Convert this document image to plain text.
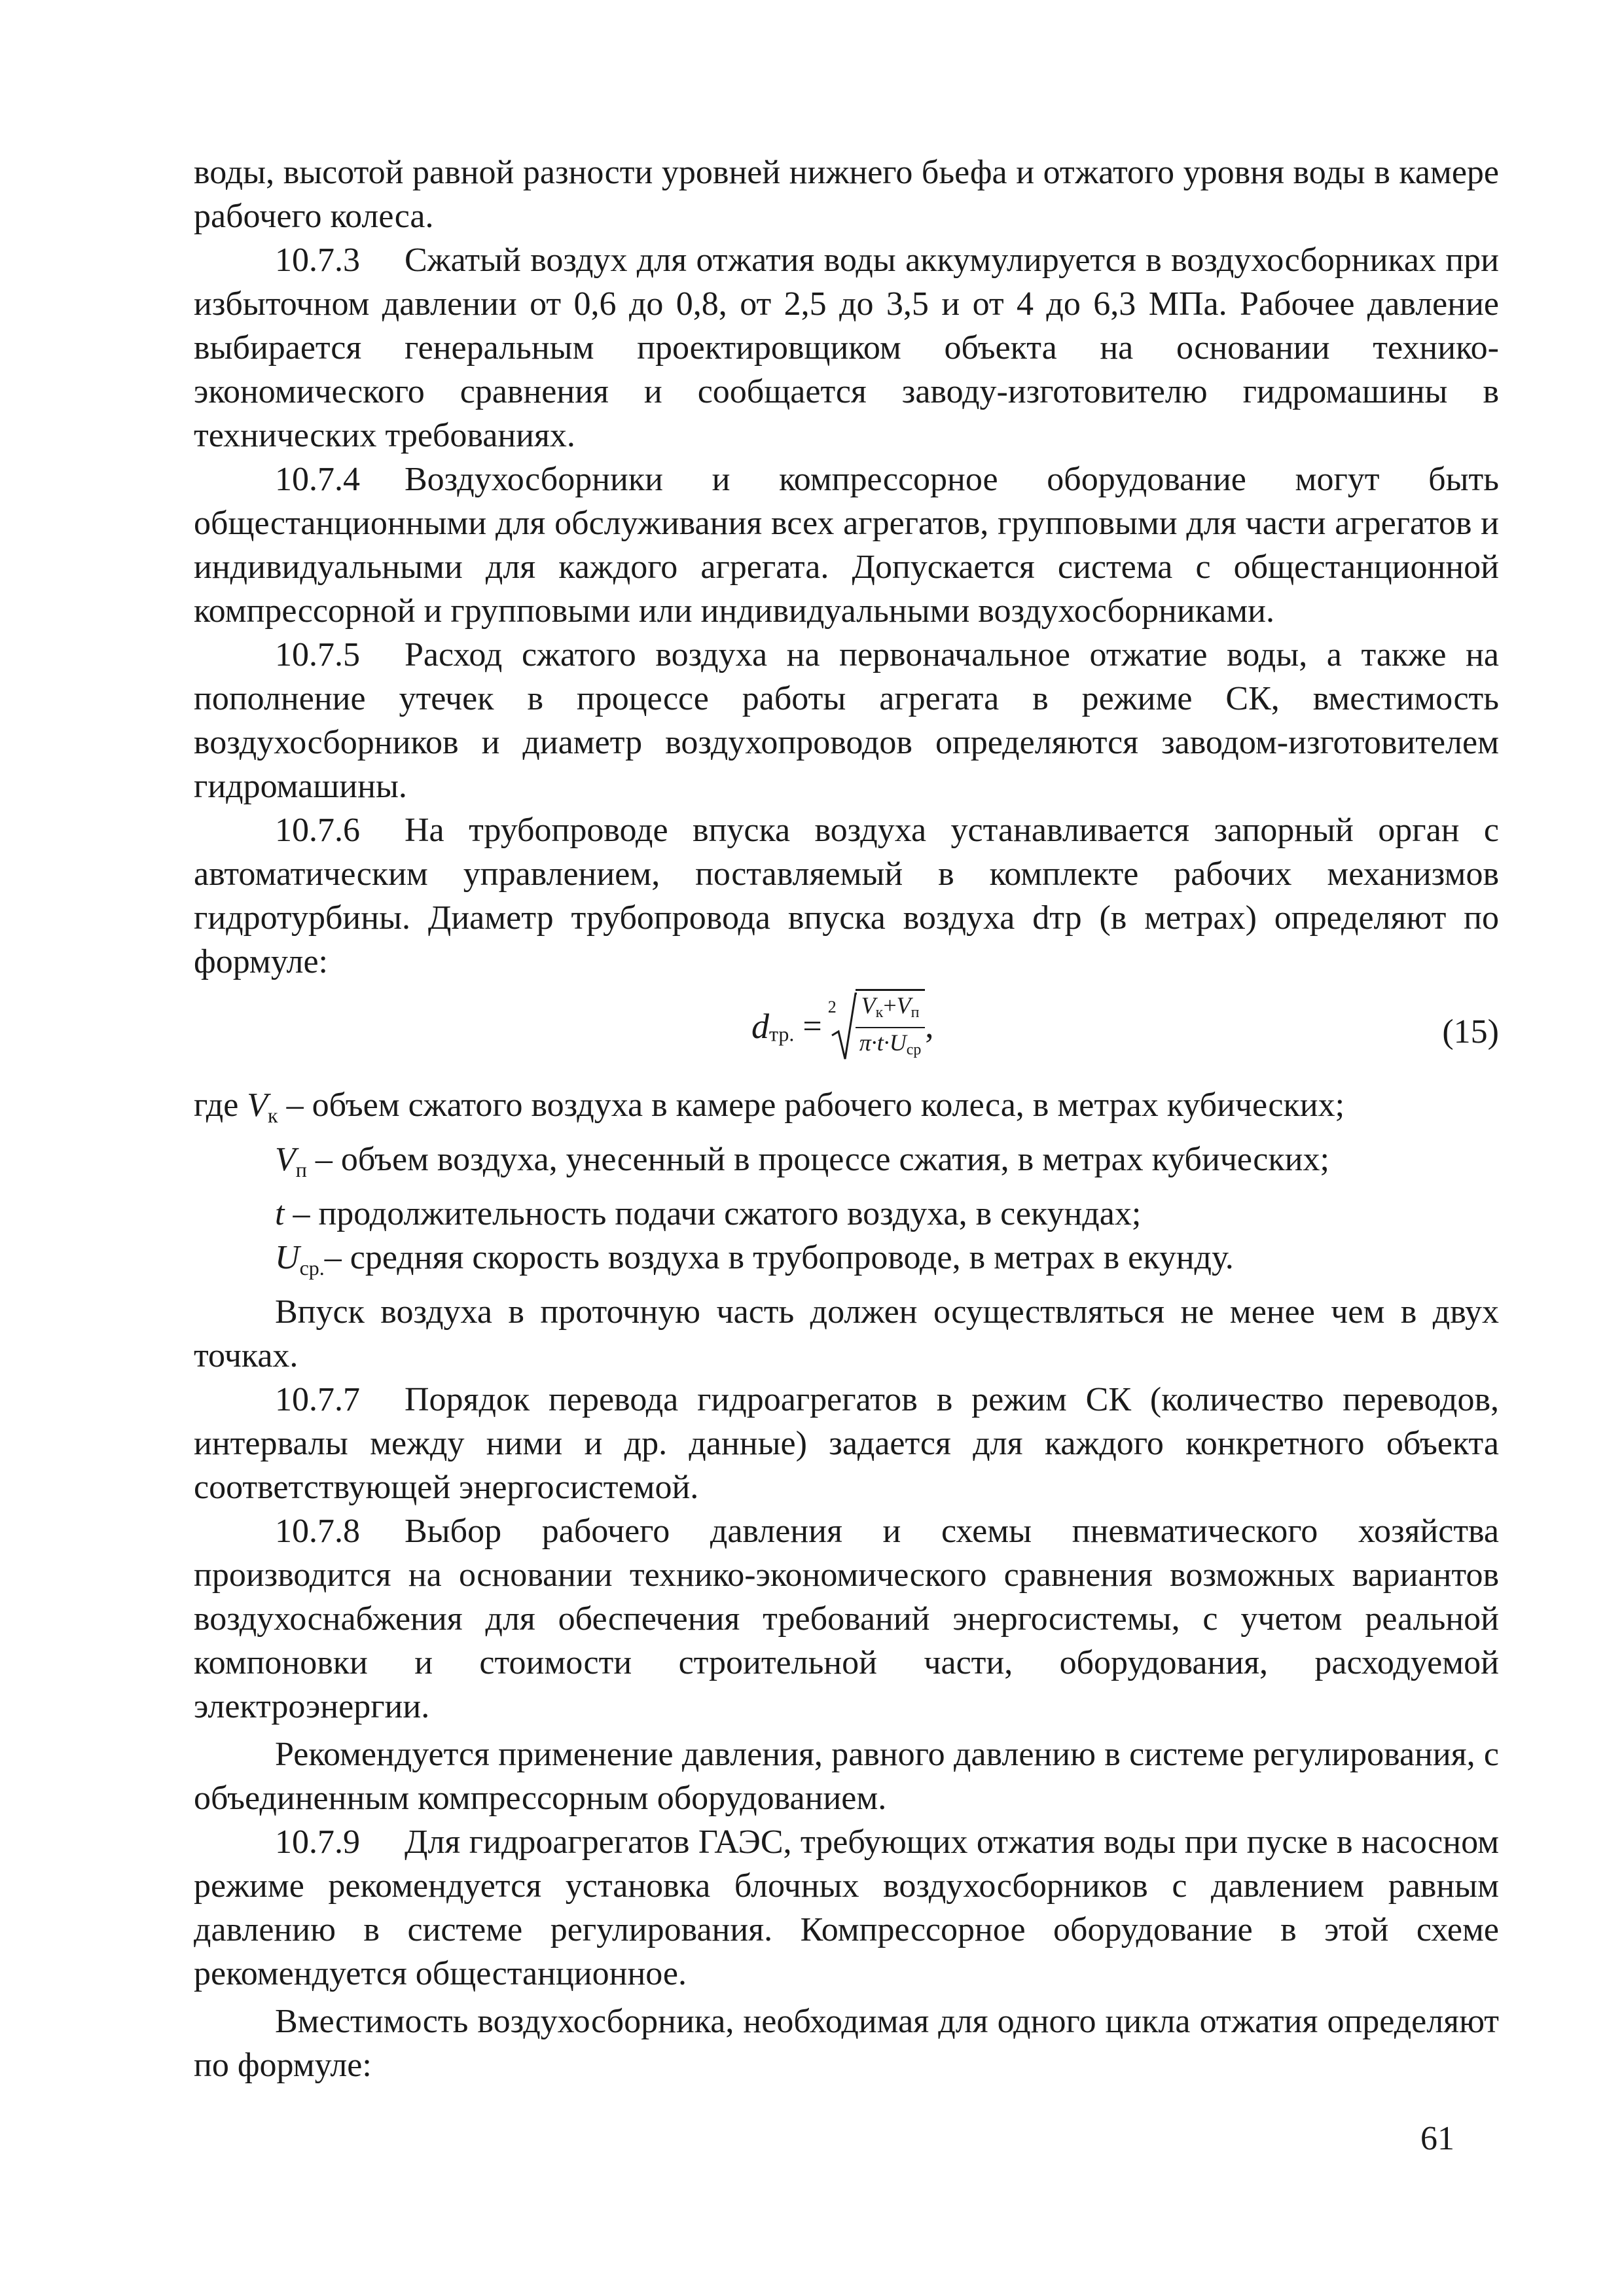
воды, высотой равной разности уровней нижнего бьефа и отжатого уровня воды в камере рабочего колеса.

10.7.3 Сжатый воздух для отжатия воды аккумулируется в воздухосборниках при избыточном давлении от 0,6 до 0,8, от 2,5 до 3,5 и от 4 до 6,3 МПа. Рабочее давление выбирается генеральным проектировщиком объекта на основании технико-экономического сравнения и сообщается заводу-изготовителю гидромашины в технических требованиях.

10.7.4 Воздухосборники и компрессорное оборудование могут быть общестанционными для обслуживания всех агрегатов, групповыми для части агрегатов и индивидуальными для каждого агрегата. Допускается система с общестанционной компрессорной и групповыми или индивидуальными воздухосборниками.

10.7.5 Расход сжатого воздуха на первоначальное отжатие воды, а также на пополнение утечек в процессе работы агрегата в режиме СК, вместимость воздухосборников и диаметр воздухопроводов определяются заводом-изготовителем гидромашины.

10.7.6 На трубопроводе впуска воздуха устанавливается запорный орган с автоматическим управлением, поставляемый в комплекте рабочих механизмов гидротурбины. Диаметр трубопровода впуска воздуха dтр (в метрах) определяют по формуле:

$d_{тр.}$ =
$2 \frac{Vк+Vп}{\text{π·t·Uср}}$ ,	(15)

где $V_к$ – объем сжатого воздуха в камере рабочего колеса, в метрах кубических;

$V_п$ – объем воздуха, унесенный в процессе сжатия, в метрах кубических;

t – продолжительность подачи сжатого воздуха, в секундах;

$U_{ср.}-$ средняя скорость воздуха в трубопроводе, в метрах в екунду.

Впуск воздуха в проточную часть должен осуществляться не менее чем в двух точках.

10.7.7 Порядок перевода гидроагрегатов в режим СК (количество переводов, интервалы между ними и др. данные) задается для каждого конкретного объекта соответствующей энергосистемой.

10.7.8 Выбор рабочего давления и схемы пневматического хозяйства производится на основании технико-экономического сравнения возможных вариантов воздухоснабжения для обеспечения требований энергосистемы, с учетом реальной компоновки и стоимости строительной части, оборудования, расходуемой электроэнергии.

Рекомендуется применение давления, равного давлению в системе регулирования, с объединенным компрессорным оборудованием.

10.7.9 Для гидроагрегатов ГАЭС, требующих отжатия воды при пуске в насосном режиме рекомендуется установка блочных воздухосборников с давлением равным давлению в системе регулирования. Компрессорное оборудование в этой схеме рекомендуется общестанционное.

Вместимость воздухосборника, необходимая для одного цикла отжатия определяют по формуле:

61
